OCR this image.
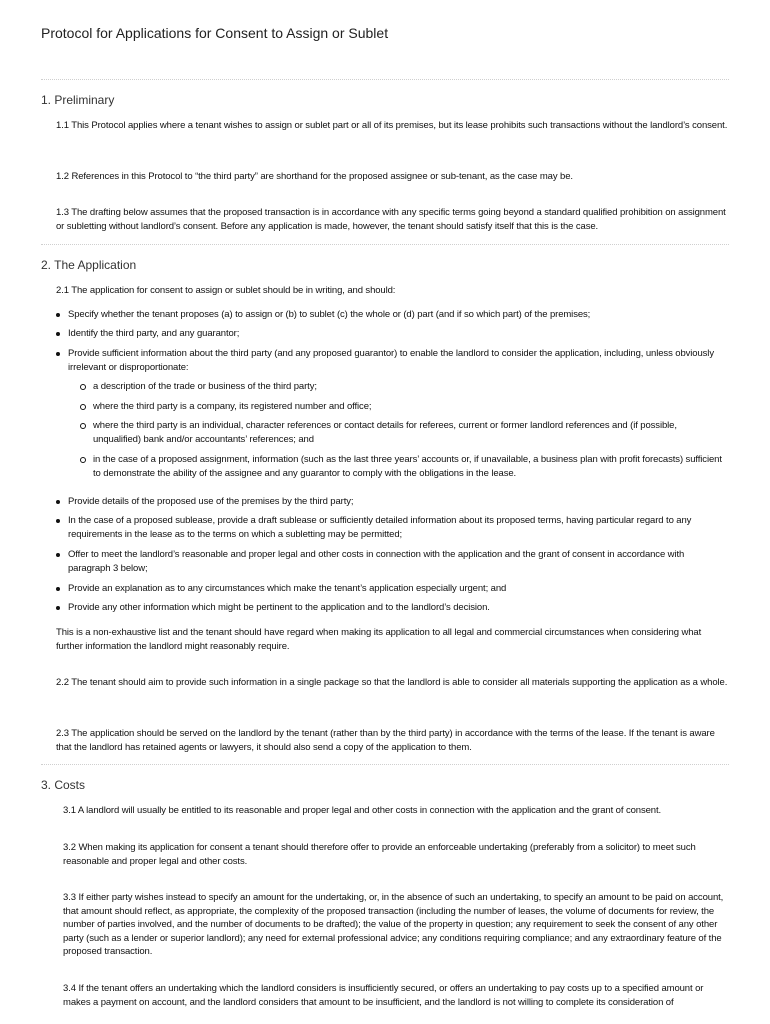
Protocol for Applications for Consent to Assign or Sublet
1. Preliminary
1.1 This Protocol applies where a tenant wishes to assign or sublet part or all of its premises, but its lease prohibits such transactions without the landlord’s consent.
1.2 References in this Protocol to “the third party” are shorthand for the proposed assignee or sub-tenant, as the case may be.
1.3 The drafting below assumes that the proposed transaction is in accordance with any specific terms going beyond a standard qualified prohibition on assignment or subletting without landlord’s consent. Before any application is made, however, the tenant should satisfy itself that this is the case.
2. The Application
2.1 The application for consent to assign or sublet should be in writing, and should:
Specify whether the tenant proposes (a) to assign or (b) to sublet (c) the whole or (d) part (and if so which part) of the premises;
Identify the third party, and any guarantor;
Provide sufficient information about the third party (and any proposed guarantor) to enable the landlord to consider the application, including, unless obviously irrelevant or disproportionate:
a description of the trade or business of the third party;
where the third party is a company, its registered number and office;
where the third party is an individual, character references or contact details for referees, current or former landlord references and (if possible, unqualified) bank and/or accountants’ references; and
in the case of a proposed assignment, information (such as the last three years’ accounts or, if unavailable, a business plan with profit forecasts) sufficient to demonstrate the ability of the assignee and any guarantor to comply with the obligations in the lease.
Provide details of the proposed use of the premises by the third party;
In the case of a proposed sublease, provide a draft sublease or sufficiently detailed information about its proposed terms, having particular regard to any requirements in the lease as to the terms on which a subletting may be permitted;
Offer to meet the landlord’s reasonable and proper legal and other costs in connection with the application and the grant of consent in accordance with paragraph 3 below;
Provide an explanation as to any circumstances which make the tenant’s application especially urgent; and
Provide any other information which might be pertinent to the application and to the landlord’s decision.
This is a non-exhaustive list and the tenant should have regard when making its application to all legal and commercial circumstances when considering what further information the landlord might reasonably require.
2.2 The tenant should aim to provide such information in a single package so that the landlord is able to consider all materials supporting the application as a whole.
2.3 The application should be served on the landlord by the tenant (rather than by the third party) in accordance with the terms of the lease. If the tenant is aware that the landlord has retained agents or lawyers, it should also send a copy of the application to them.
3. Costs
3.1 A landlord will usually be entitled to its reasonable and proper legal and other costs in connection with the application and the grant of consent.
3.2 When making its application for consent a tenant should therefore offer to provide an enforceable undertaking (preferably from a solicitor) to meet such reasonable and proper legal and other costs.
3.3 If either party wishes instead to specify an amount for the undertaking, or, in the absence of such an undertaking, to specify an amount to be paid on account, that amount should reflect, as appropriate, the complexity of the proposed transaction (including the number of leases, the volume of documents for review, the number of parties involved, and the number of documents to be drafted); the value of the property in question; any requirement to seek the consent of any other party (such as a lender or superior landlord); any need for external professional advice; any conditions requiring compliance; and any extraordinary feature of the proposed transaction.
3.4 If the tenant offers an undertaking which the landlord considers is insufficiently secured, or offers an undertaking to pay costs up to a specified amount or makes a payment on account, and the landlord considers that amount to be insufficient, and the landlord is not willing to complete its consideration of
